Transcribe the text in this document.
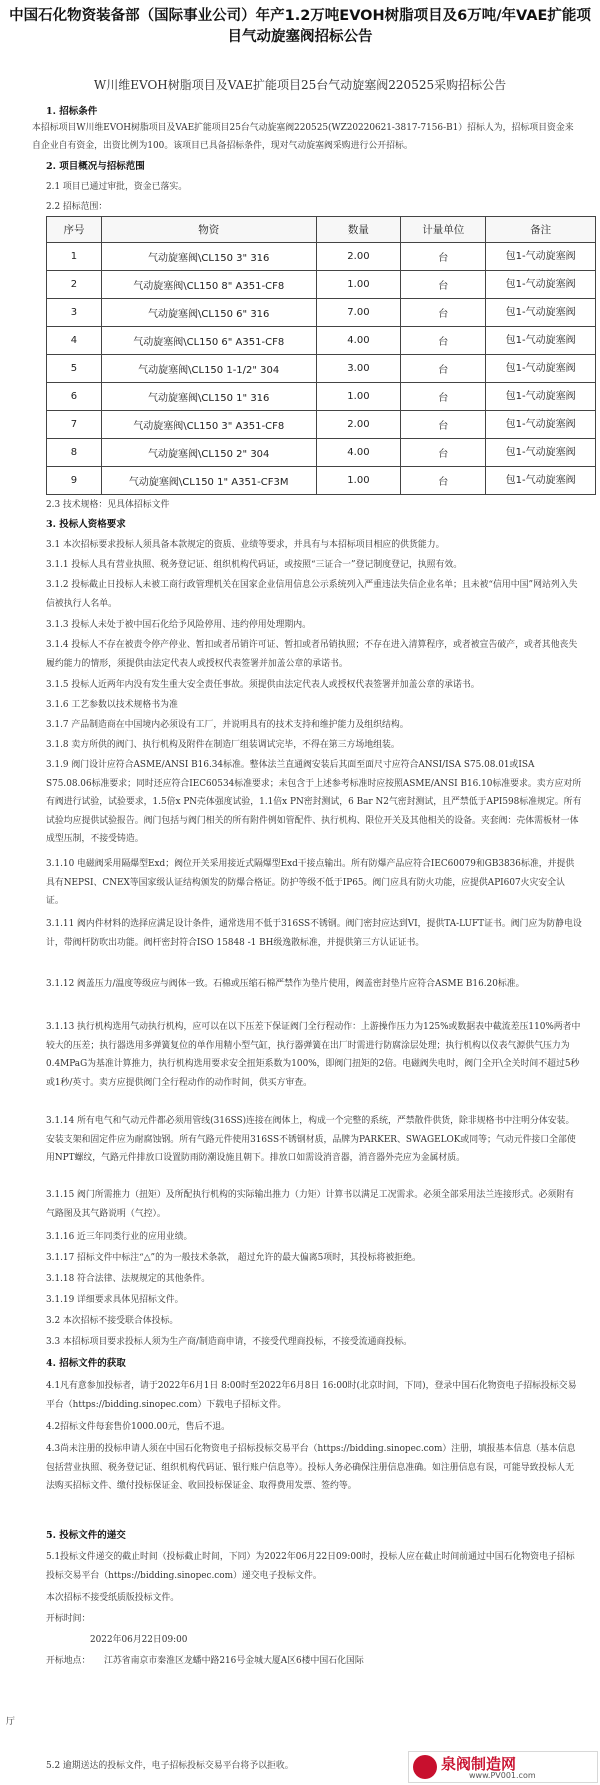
中国石化物资装备部（国际事业公司）年产1.2万吨EVOH树脂项目及6万吨/年VAE扩能项目气动旋塞阀招标公告
W川维EVOH树脂项目及VAE扩能项目25台气动旋塞阀220525采购招标公告
1. 招标条件
本招标项目W川维EVOH树脂项目及VAE扩能项目25台气动旋塞阀220525(WZ20220621-3817-7156-B1）招标人为，招标项目资金来自企业自有资金，出资比例为100。该项目已具备招标条件，现对气动旋塞阀采购进行公开招标。
2. 项目概况与招标范围
2.1 项目已通过审批，资金已落实。
2.2 招标范围：
序号	物资	数量	计量单位	备注
1	气动旋塞阀\CL150 3" 316	2.00	台	包1-气动旋塞阀
2	气动旋塞阀\CL150 8" A351-CF8	1.00	台	包1-气动旋塞阀
3	气动旋塞阀\CL150 6" 316	7.00	台	包1-气动旋塞阀
4	气动旋塞阀\CL150 6" A351-CF8	4.00	台	包1-气动旋塞阀
5	气动旋塞阀\CL150 1-1/2" 304	3.00	台	包1-气动旋塞阀
6	气动旋塞阀\CL150 1" 316	1.00	台	包1-气动旋塞阀
7	气动旋塞阀\CL150 3" A351-CF8	2.00	台	包1-气动旋塞阀
8	气动旋塞阀\CL150 2" 304	4.00	台	包1-气动旋塞阀
9	气动旋塞阀\CL150 1" A351-CF3M	1.00	台	包1-气动旋塞阀
2.3 技术规格：见具体招标文件
3. 投标人资格要求
3.1 本次招标要求投标人须具备本款规定的资质、业绩等要求，并具有与本招标项目相应的供货能力。
3.1.1 投标人具有营业执照、税务登记证、组织机构代码证，或按照“三证合一”登记制度登记，执照有效。
3.1.2 投标截止日投标人未被工商行政管理机关在国家企业信用信息公示系统列入严重违法失信企业名单；且未被“信用中国”网站列入失信被执行人名单。
3.1.3 投标人未处于被中国石化给予风险停用、违约停用处理期内。
3.1.4 投标人不存在被责令停产停业、暂扣或者吊销许可证、暂扣或者吊销执照；不存在进入清算程序，或者被宣告破产，或者其他丧失履约能力的情形，须提供由法定代表人或授权代表签署并加盖公章的承诺书。
3.1.5 投标人近两年内没有发生重大安全责任事故。须提供由法定代表人或授权代表签署并加盖公章的承诺书。
3.1.6 工艺参数以技术规格书为准
3.1.7 产品制造商在中国境内必须设有工厂，并说明具有的技术支持和维护能力及组织结构。
3.1.8 卖方所供的阀门、执行机构及附件在制造厂组装调试完毕，不得在第三方场地组装。
3.1.9 阀门设计应符合ASME/ANSI B16.34标准。整体法兰直通阀安装后其面至面尺寸应符合ANSI/ISA S75.08.01或ISA S75.08.06标准要求；同时还应符合IEC60534标准要求；未包含于上述参考标准时应按照ASME/ANSI B16.10标准要求。卖方应对所有阀进行试验，试验要求，1.5倍x PN壳体强度试验，1.1倍x PN密封测试，6 Bar N2气密封测试，且严禁低于API598标准规定。所有试验均应提供试验报告。阀门包括与阀门相关的所有附件例如管配件、执行机构、限位开关及其他相关的设备。夹套阀：壳体需板材一体成型压制，不接受铸造。
3.1.10 电磁阀采用隔爆型Exd；阀位开关采用接近式隔爆型Exd干接点输出。所有防爆产品应符合IEC60079和GB3836标准，并提供具有NEPSI、CNEX等国家级认证结构颁发的防爆合格证。防护等级不低于IP65。阀门应具有防火功能，应提供API607火灾安全认证。
3.1.11 阀内件材料的选择应满足设计条件，通常选用不低于316SS不锈钢。阀门密封应达到VI，提供TA-LUFT证书。阀门应为防静电设计，带阀杆防吹出功能。阀杆密封符合ISO 15848 -1 BH级逸散标准，并提供第三方认证证书。
3.1.12 阀盖压力/温度等级应与阀体一致。石棉或压缩石棉严禁作为垫片使用，阀盖密封垫片应符合ASME B16.20标准。
3.1.13 执行机构选用气动执行机构，应可以在以下压差下保证阀门全行程动作：上游操作压力为125%或数据表中截流差压110%两者中较大的压差；执行器选用多弹簧复位的单作用精小型气缸，执行器弹簧在出厂时需进行防腐涂层处理；执行机构以仪表气源供气压力为0.4MPaG为基准计算推力，执行机构选用要求安全扭矩系数为100%，即阀门扭矩的2倍。电磁阀失电时，阀门全开\全关时间不超过5秒或1秒/英寸。卖方应提供阀门全行程动作的动作时间，供买方审查。
3.1.14 所有电气和气动元件都必须用管线(316SS)连接在阀体上，构成一个完整的系统，严禁散件供货，除非规格书中注明分体安装。安装支架和固定件应为耐腐蚀钢。所有气路元件使用316SS不锈钢材质，品牌为PARKER、SWAGELOK或同等；气动元件接口全部使用NPT螺纹，气路元件排放口设置防雨防潮设施且朝下。排放口如需设消音器，消音器外壳应为金属材质。
3.1.15 阀门所需推力（扭矩）及所配执行机构的实际输出推力（力矩）计算书以满足工况需求。必须全部采用法兰连接形式。必须附有气路图及其气路说明（气控）。
3.1.16 近三年同类行业的应用业绩。
3.1.17 招标文件中标注“△”的为一般技术条款， 超过允许的最大偏离5项时，其投标将被拒绝。
3.1.18 符合法律、法规规定的其他条件。
3.1.19 详细要求具体见招标文件。
3.2 本次招标不接受联合体投标。
3.3 本招标项目要求投标人须为生产商/制造商申请，不接受代理商投标，不接受流通商投标。
4. 招标文件的获取
4.1凡有意参加投标者，请于2022年6月1日 8:00时至2022年6月8日 16:00时(北京时间，下同)，登录中国石化物资电子招标投标交易平台（https://bidding.sinopec.com）下载电子招标文件。
4.2招标文件每套售价1000.00元，售后不退。
4.3尚未注册的投标申请人须在中国石化物资电子招标投标交易平台（https://bidding.sinopec.com）注册，填报基本信息（基本信息包括营业执照、税务登记证、组织机构代码证、银行账户信息等）。投标人务必确保注册信息准确。如注册信息有误，可能导致投标人无法购买招标文件、缴付投标保证金、收回投标保证金、取得费用发票、签约等。
5. 投标文件的递交
5.1投标文件递交的截止时间（投标截止时间，下同）为2022年06月22日09:00时，投标人应在截止时间前通过中国石化物资电子招标投标交易平台（https://bidding.sinopec.com）递交电子投标文件。
本次招标不接受纸质版投标文件。
开标时间：
2022年06月22日09:00
开标地点： 江苏省南京市秦淮区龙蟠中路216号金城大厦A区6楼中国石化国际
厅
5.2 逾期送达的投标文件，电子招标投标交易平台将予以拒收。	泉阀制造网
www.PV001.com
